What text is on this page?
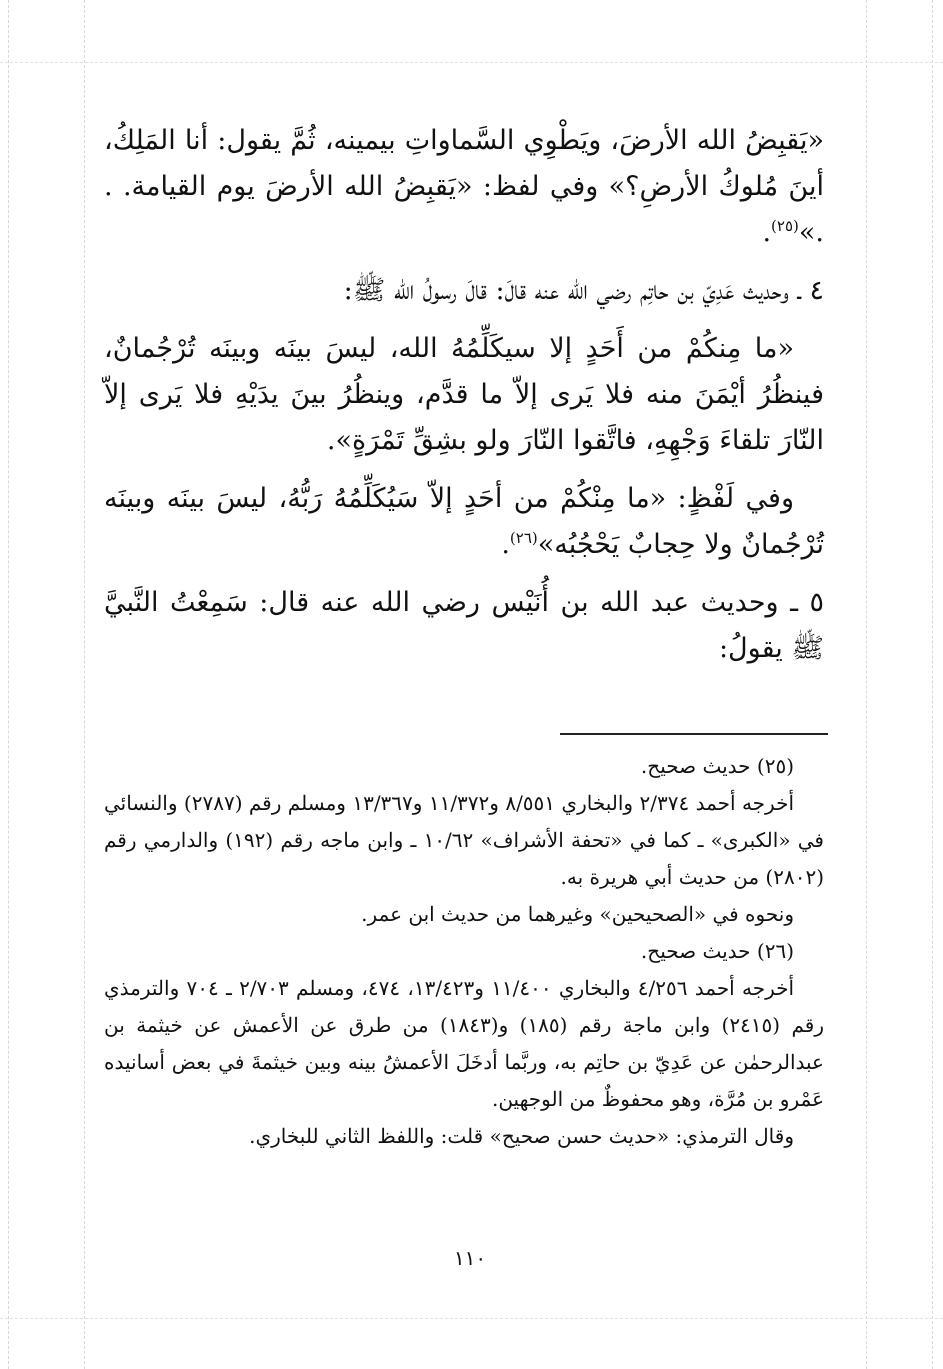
«يَقبِضُ الله الأرضَ، ويَطْوِي السَّماواتِ بيمينه، ثُمَّ يقول: أنا المَلِكُ، أينَ مُلوكُ الأرضِ؟» وفي لفظ: «يَقبِضُ الله الأرضَ يوم القيامة. . .»$^{(٢٥)}$.

٤ ـ وحديث عَدِيّ بن حاتِم رضي الله عنه قالَ: قالَ رسولُ الله ﷺ:

«ما مِنكُمْ من أَحَدٍ إلا سيكَلِّمُهُ الله، ليسَ بينَه وبينَه تُرْجُمانٌ، فينظُرُ أيْمَنَ منه فلا يَرى إلاّ ما قدَّم، وينظُرُ بينَ يدَيْهِ فلا يَرى إلاّ النّارَ تلقاءَ وَجْهِهِ، فاتَّقوا النّارَ ولو بشِقِّ تَمْرَةٍ».

وفي لَفْظٍ: «ما مِنْكُمْ من أحَدٍ إلاّ سَيُكَلِّمُهُ رَبُّهُ، ليسَ بينَه وبينَه تُرْجُمانٌ ولا حِجابٌ يَحْجُبُه»$^{(٢٦)}$.

٥ ـ وحديث عبد الله بن أُنَيْس رضي الله عنه قال: سَمِعْتُ النَّبيَّ ﷺ يقولُ:

(٢٥) حديث صحيح.

أخرجه أحمد ٢/٣٧٤ والبخاري ٨/٥٥١ و١١/٣٧٢ و١٣/٣٦٧ ومسلم رقم (٢٧٨٧) والنسائي في «الكبرى» ـ كما في «تحفة الأشراف» ١٠/٦٢ ـ وابن ماجه رقم (١٩٢) والدارمي رقم (٢٨٠٢) من حديث أبي هريرة به.

ونحوه في «الصحيحين» وغيرهما من حديث ابن عمر.

(٢٦) حديث صحيح.

أخرجه أحمد ٤/٢٥٦ والبخاري ١١/٤٠٠ و١٣/٤٢٣، ٤٧٤، ومسلم ٢/٧٠٣ ـ ٧٠٤ والترمذي رقم (٢٤١٥) وابن ماجة رقم (١٨٥) و(١٨٤٣) من طرق عن الأعمش عن خيثمة بن عبدالرحمٰن عن عَدِيّ بن حاتِم به، وربَّما أدخَلَ الأعمشُ بينه وبين خيثمةَ في بعض أسانيده عَمْرو بن مُرَّة، وهو محفوظٌ من الوجهين.

وقال الترمذي: «حديث حسن صحيح» قلت: واللفظ الثاني للبخاري.

١١٠
